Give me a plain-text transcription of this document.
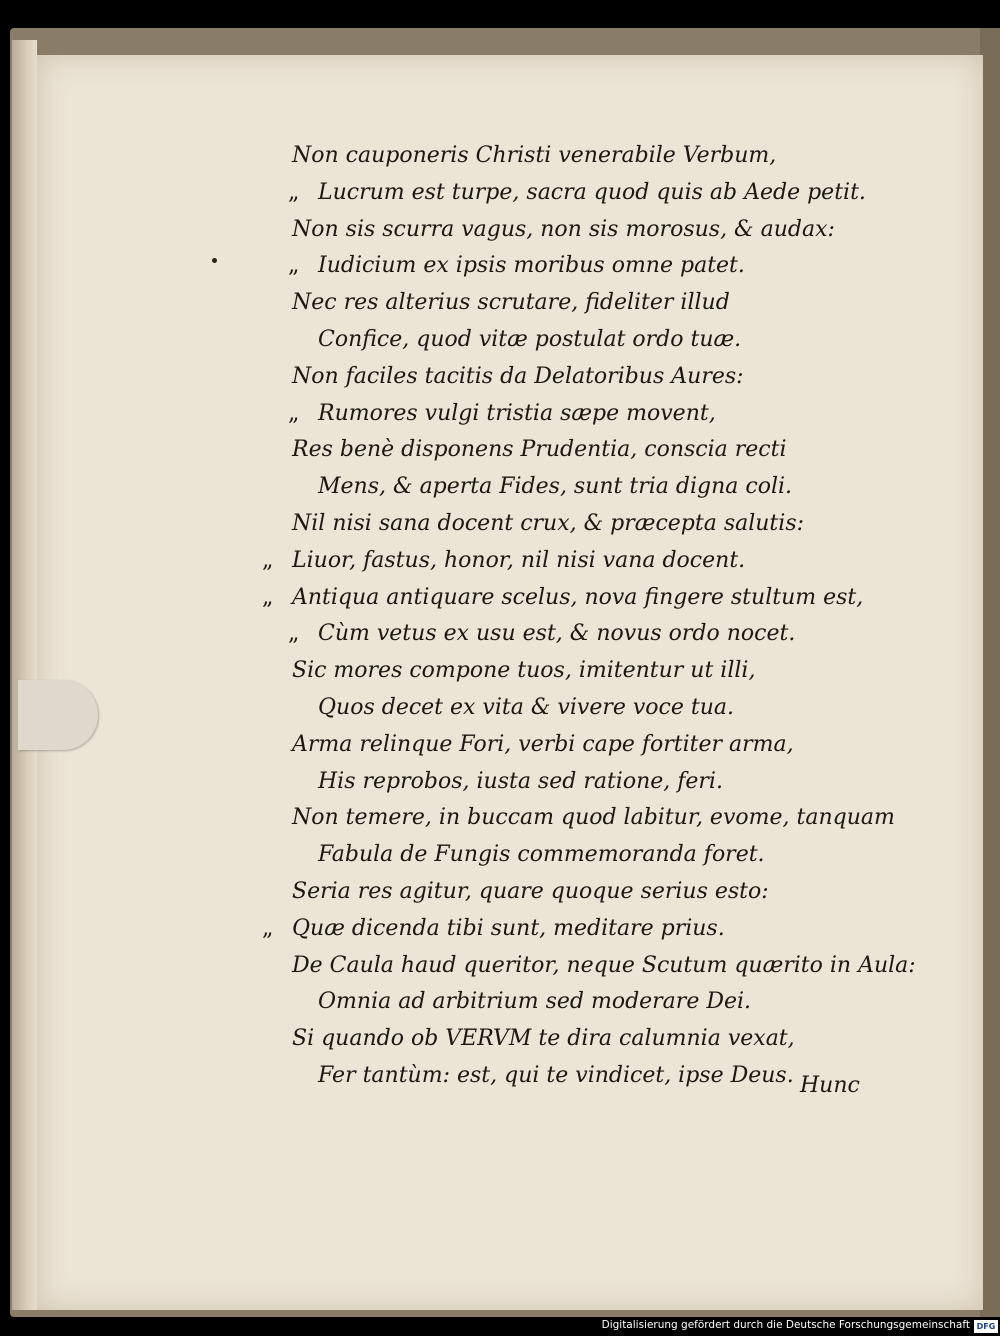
Non cauponeris Christi venerabile Verbum,
„ Lucrum est turpe, sacra quod quis ab Aede petit.
Non sis scurra vagus, non sis morosus, & audax:
„ Iudicium ex ipsis moribus omne patet.
Nec res alterius scrutare, fideliter illud
Confice, quod vitæ postulat ordo tuæ.
Non faciles tacitis da Delatoribus Aures:
„ Rumores vulgi tristia sæpe movent,
Res benè disponens Prudentia, conscia recti
Mens, & aperta Fides, sunt tria digna coli.
Nil nisi sana docent crux, & præcepta salutis:
„ Liuor, fastus, honor, nil nisi vana docent.
„ Antiqua antiquare scelus, nova fingere stultum est,
„ Cùm vetus ex usu est, & novus ordo nocet.
Sic mores compone tuos, imitentur ut illi,
Quos decet ex vita & vivere voce tua.
Arma relinque Fori, verbi cape fortiter arma,
His reprobos, iusta sed ratione, feri.
Non temere, in buccam quod labitur, evome, tanquam
Fabula de Fungis commemoranda foret.
Seria res agitur, quare quoque serius esto:
„ Quæ dicenda tibi sunt, meditare prius.
De Caula haud queritor, neque Scutum quærito in Aula:
Omnia ad arbitrium sed moderare Dei.
Si quando ob VERVM te dira calumnia vexat,
Fer tantùm: est, qui te vindicet, ipse Deus. Hunc
Digitalisierung gefördert durch die Deutsche Forschungsgemeinschaft DFG
